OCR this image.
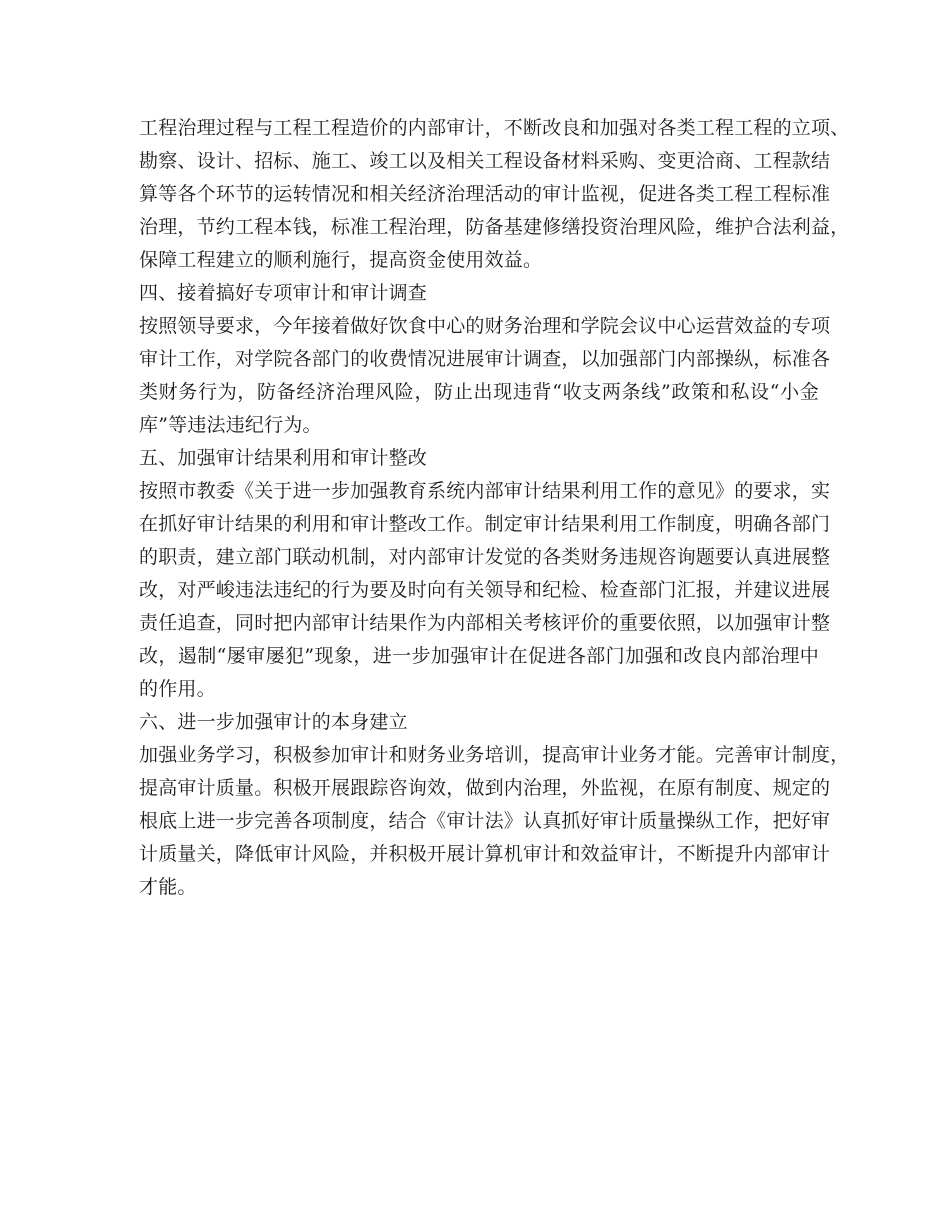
工程治理过程与工程工程造价的内部审计，不断改良和加强对各类工程工程的立项、
勘察、设计、招标、施工、竣工以及相关工程设备材料采购、变更洽商、工程款结
算等各个环节的运转情况和相关经济治理活动的审计监视，促进各类工程工程标准
治理，节约工程本钱，标准工程治理，防备基建修缮投资治理风险，维护合法利益，
保障工程建立的顺利施行，提高资金使用效益。

四、接着搞好专项审计和审计调查

按照领导要求，今年接着做好饮食中心的财务治理和学院会议中心运营效益的专项
审计工作，对学院各部门的收费情况进展审计调查，以加强部门内部操纵，标准各
类财务行为，防备经济治理风险，防止出现违背“收支两条线”政策和私设“小金
库”等违法违纪行为。

五、加强审计结果利用和审计整改

按照市教委《关于进一步加强教育系统内部审计结果利用工作的意见》的要求，实
在抓好审计结果的利用和审计整改工作。制定审计结果利用工作制度，明确各部门
的职责，建立部门联动机制，对内部审计发觉的各类财务违规咨询题要认真进展整
改，对严峻违法违纪的行为要及时向有关领导和纪检、检查部门汇报，并建议进展
责任追查，同时把内部审计结果作为内部相关考核评价的重要依照，以加强审计整
改，遏制“屡审屡犯”现象，进一步加强审计在促进各部门加强和改良内部治理中
的作用。

六、进一步加强审计的本身建立

加强业务学习，积极参加审计和财务业务培训，提高审计业务才能。完善审计制度，
提高审计质量。积极开展跟踪咨询效，做到内治理，外监视，在原有制度、规定的
根底上进一步完善各项制度，结合《审计法》认真抓好审计质量操纵工作，把好审
计质量关，降低审计风险，并积极开展计算机审计和效益审计，不断提升内部审计
才能。
